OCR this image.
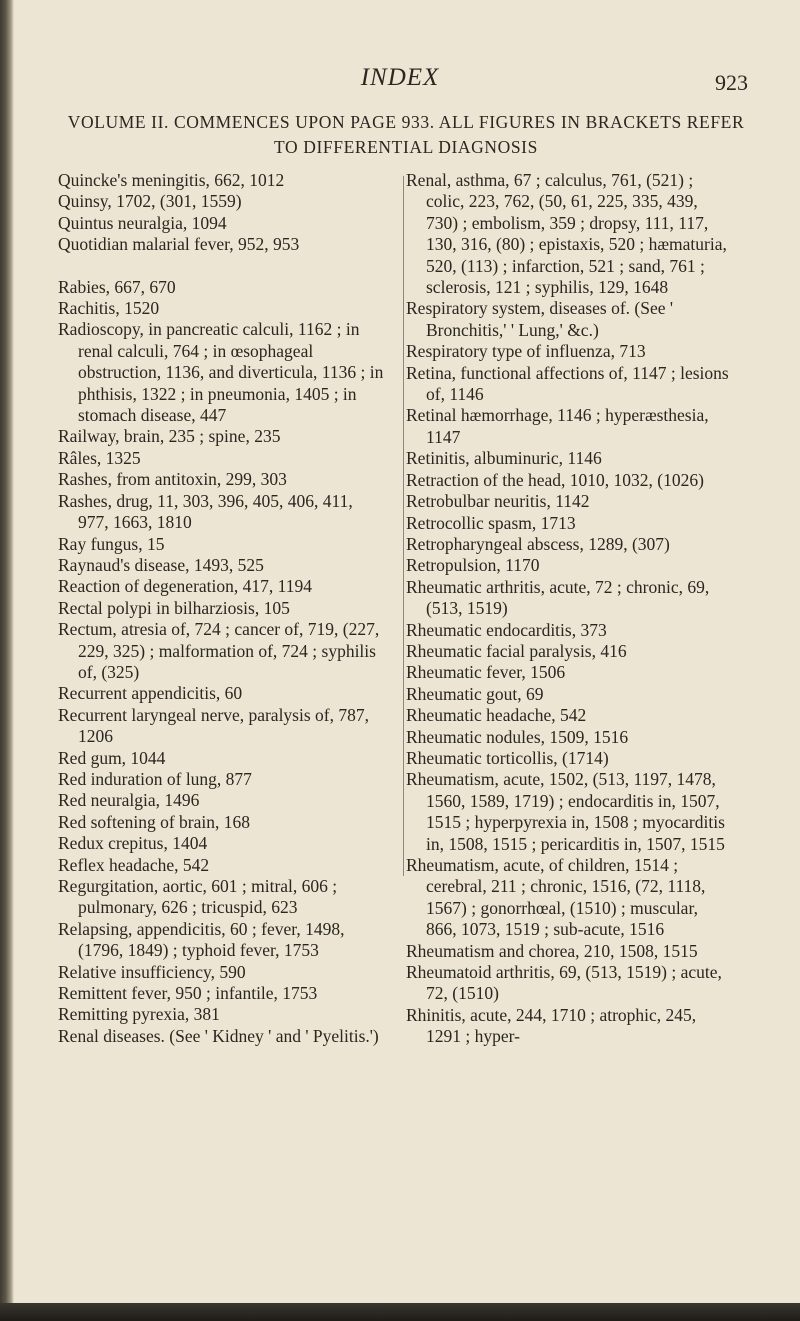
INDEX	923
VOLUME II. COMMENCES UPON PAGE 933. ALL FIGURES IN BRACKETS REFER TO DIFFERENTIAL DIAGNOSIS

Quincke's meningitis, 662, 1012

Quinsy, 1702, (301, 1559)

Quintus neuralgia, 1094

Quotidian malarial fever, 952, 953

Rabies, 667, 670

Rachitis, 1520

Radioscopy, in pancreatic calculi, 1162 ; in renal calculi, 764 ; in œsophageal obstruction, 1136, and diverticula, 1136 ; in phthisis, 1322 ; in pneumonia, 1405 ; in stomach disease, 447

Railway, brain, 235 ; spine, 235

Râles, 1325

Rashes, from antitoxin, 299, 303

Rashes, drug, 11, 303, 396, 405, 406, 411, 977, 1663, 1810

Ray fungus, 15

Raynaud's disease, 1493, 525

Reaction of degeneration, 417, 1194

Rectal polypi in bilharziosis, 105

Rectum, atresia of, 724 ; cancer of, 719, (227, 229, 325) ; malformation of, 724 ; syphilis of, (325)

Recurrent appendicitis, 60

Recurrent laryngeal nerve, paralysis of, 787, 1206

Red gum, 1044

Red induration of lung, 877

Red neuralgia, 1496

Red softening of brain, 168

Redux crepitus, 1404

Reflex headache, 542

Regurgitation, aortic, 601 ; mitral, 606 ; pulmonary, 626 ; tricuspid, 623

Relapsing, appendicitis, 60 ; fever, 1498, (1796, 1849) ; typhoid fever, 1753

Relative insufficiency, 590

Remittent fever, 950 ; infantile, 1753

Remitting pyrexia, 381

Renal diseases. (See ' Kidney ' and ' Pyelitis.')

Renal, asthma, 67 ; calculus, 761, (521) ; colic, 223, 762, (50, 61, 225, 335, 439, 730) ; embolism, 359 ; dropsy, 111, 117, 130, 316, (80) ; epistaxis, 520 ; hæmaturia, 520, (113) ; infarction, 521 ; sand, 761 ; sclerosis, 121 ; syphilis, 129, 1648

Respiratory system, diseases of. (See ' Bronchitis,' ' Lung,' &c.)

Respiratory type of influenza, 713

Retina, functional affections of, 1147 ; lesions of, 1146

Retinal hæmorrhage, 1146 ; hyperæsthesia, 1147

Retinitis, albuminuric, 1146

Retraction of the head, 1010, 1032, (1026)

Retrobulbar neuritis, 1142

Retrocollic spasm, 1713

Retropharyngeal abscess, 1289, (307)

Retropulsion, 1170

Rheumatic arthritis, acute, 72 ; chronic, 69, (513, 1519)

Rheumatic endocarditis, 373

Rheumatic facial paralysis, 416

Rheumatic fever, 1506

Rheumatic gout, 69

Rheumatic headache, 542

Rheumatic nodules, 1509, 1516

Rheumatic torticollis, (1714)

Rheumatism, acute, 1502, (513, 1197, 1478, 1560, 1589, 1719) ; endocarditis in, 1507, 1515 ; hyperpyrexia in, 1508 ; myocarditis in, 1508, 1515 ; pericarditis in, 1507, 1515

Rheumatism, acute, of children, 1514 ; cerebral, 211 ; chronic, 1516, (72, 1118, 1567) ; gonorrhœal, (1510) ; muscular, 866, 1073, 1519 ; sub-acute, 1516

Rheumatism and chorea, 210, 1508, 1515

Rheumatoid arthritis, 69, (513, 1519) ; acute, 72, (1510)

Rhinitis, acute, 244, 1710 ; atrophic, 245, 1291 ; hyper-
